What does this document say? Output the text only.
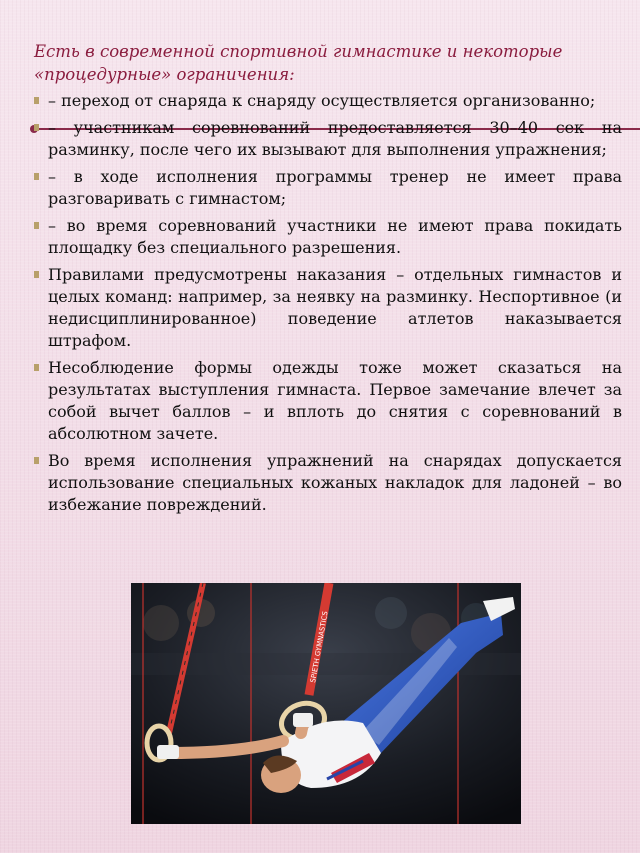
Есть в современной спортивной гимнастике и некоторые «процедурные» ограничения:

– переход от снаряда к снаряду осуществляется организованно;
– участникам соревнований предоставляется 30–40 сек на разминку, после чего их вызывают для выполнения упражнения;
– в ходе исполнения программы тренер не имеет права разговаривать с гимнастом;
– во время соревнований участники не имеют права покидать площадку без специального разрешения.
Правилами предусмотрены наказания – отдельных гимнастов и целых команд: например, за неявку на разминку. Неспортивное (и недисциплинированное) поведение атлетов наказывается штрафом.
Несоблюдение формы одежды тоже может сказаться на результатах выступления гимнаста. Первое замечание влечет за собой вычет баллов – и вплоть до снятия с соревнований в абсолютном зачете.
Во время исполнения упражнений на снарядах допускается использование специальных кожаных накладок для ладоней – во избежание повреждений.
SPIETH GYMNASTICS
